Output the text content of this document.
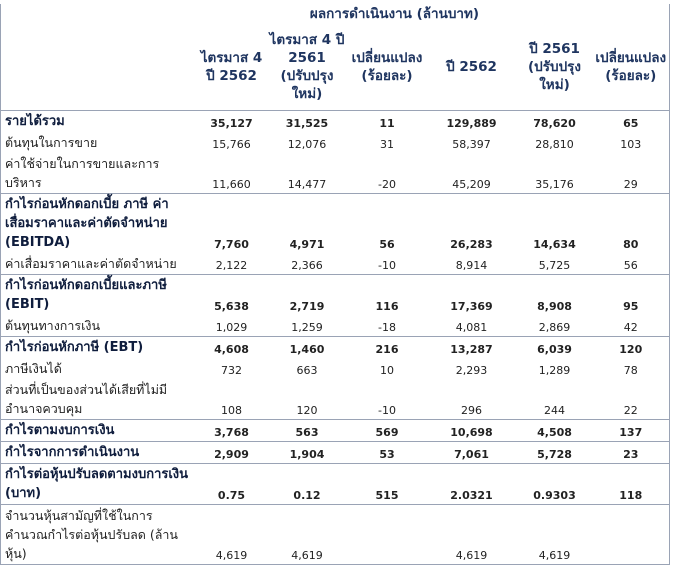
	ผลการดำเนินงาน (ล้านบาท)					
	ไตรมาส 4 ปี 2562	ไตรมาส 4 ปี 2561 (ปรับปรุงใหม่)	เปลี่ยนแปลง (ร้อยละ)	ปี 2562	ปี 2561 (ปรับปรุงใหม่)	เปลี่ยนแปลง (ร้อยละ)
รายได้รวม	35,127	31,525	11	129,889	78,620	65
ต้นทุนในการขาย	15,766	12,076	31	58,397	28,810	103
ค่าใช้จ่ายในการขายและการบริหาร	11,660	14,477	-20	45,209	35,176	29
กำไรก่อนหักดอกเบี้ย ภาษี ค่าเสื่อมราคาและค่าตัดจำหน่าย (EBITDA)	7,760	4,971	56	26,283	14,634	80
ค่าเสื่อมราคาและค่าตัดจำหน่าย	2,122	2,366	-10	8,914	5,725	56
กำไรก่อนหักดอกเบี้ยและภาษี (EBIT)	5,638	2,719	116	17,369	8,908	95
ต้นทุนทางการเงิน	1,029	1,259	-18	4,081	2,869	42
กำไรก่อนหักภาษี (EBT)	4,608	1,460	216	13,287	6,039	120
ภาษีเงินได้	732	663	10	2,293	1,289	78
ส่วนที่เป็นของส่วนได้เสียที่ไม่มีอำนาจควบคุม	108	120	-10	296	244	22
กำไรตามงบการเงิน	3,768	563	569	10,698	4,508	137
กำไรจากการดำเนินงาน	2,909	1,904	53	7,061	5,728	23
กำไรต่อหุ้นปรับลดตามงบการเงิน (บาท)	0.75	0.12	515	2.0321	0.9303	118
จำนวนหุ้นสามัญที่ใช้ในการคำนวณกำไรต่อหุ้นปรับลด (ล้านหุ้น)	4,619	4,619		4,619	4,619	
